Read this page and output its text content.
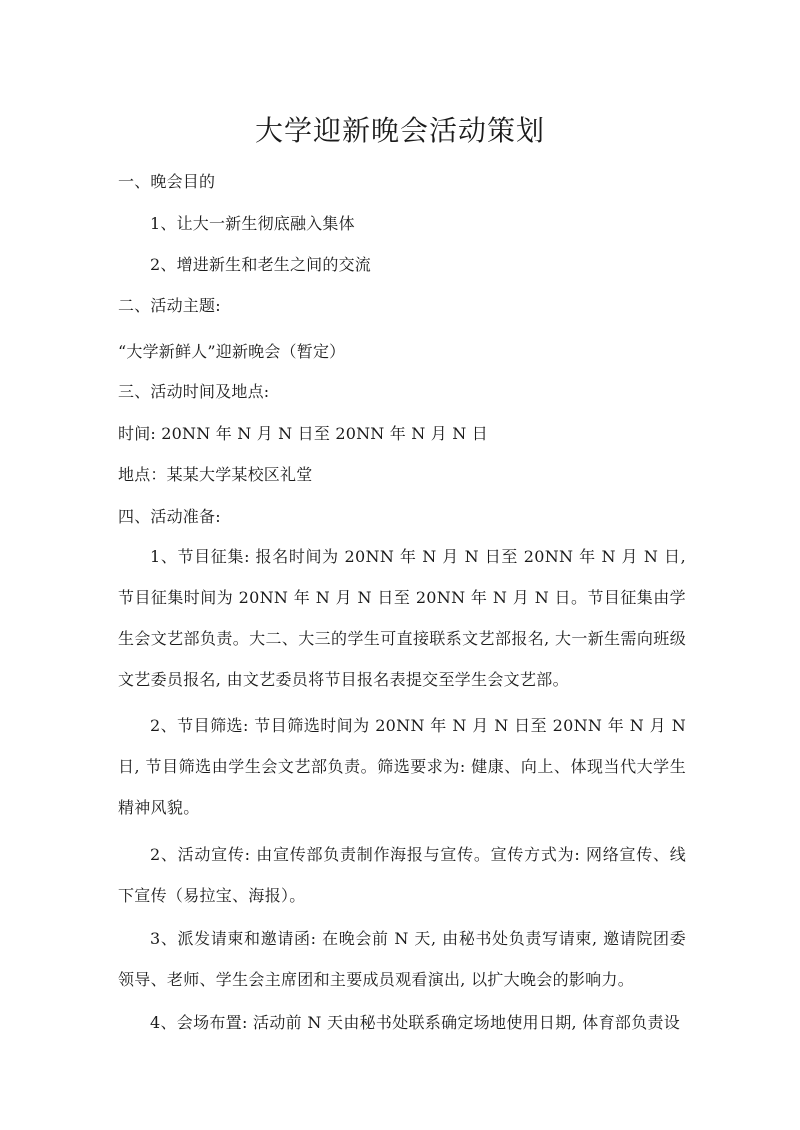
大学迎新晚会活动策划
一、晚会目的
1、让大一新生彻底融入集体
2、增进新生和老生之间的交流
二、活动主题:
“大学新鲜人”迎新晚会（暂定）
三、活动时间及地点:
时间: 20NN 年 N 月 N 日至 20NN 年 N 月 N 日
地点：某某大学某校区礼堂
四、活动准备:
1、节目征集: 报名时间为 20NN 年 N 月 N 日至 20NN 年 N 月 N 日, 节目征集时间为 20NN 年 N 月 N 日至 20NN 年 N 月 N 日。节目征集由学生会文艺部负责。大二、大三的学生可直接联系文艺部报名, 大一新生需向班级文艺委员报名, 由文艺委员将节目报名表提交至学生会文艺部。
2、节目筛选: 节目筛选时间为 20NN 年 N 月 N 日至 20NN 年 N 月 N 日, 节目筛选由学生会文艺部负责。筛选要求为: 健康、向上、体现当代大学生精神风貌。
2、活动宣传: 由宣传部负责制作海报与宣传。宣传方式为: 网络宣传、线下宣传（易拉宝、海报）。
3、派发请柬和邀请函: 在晚会前 N 天, 由秘书处负责写请柬, 邀请院团委领导、老师、学生会主席团和主要成员观看演出, 以扩大晚会的影响力。
4、会场布置: 活动前 N 天由秘书处联系确定场地使用日期, 体育部负责设
